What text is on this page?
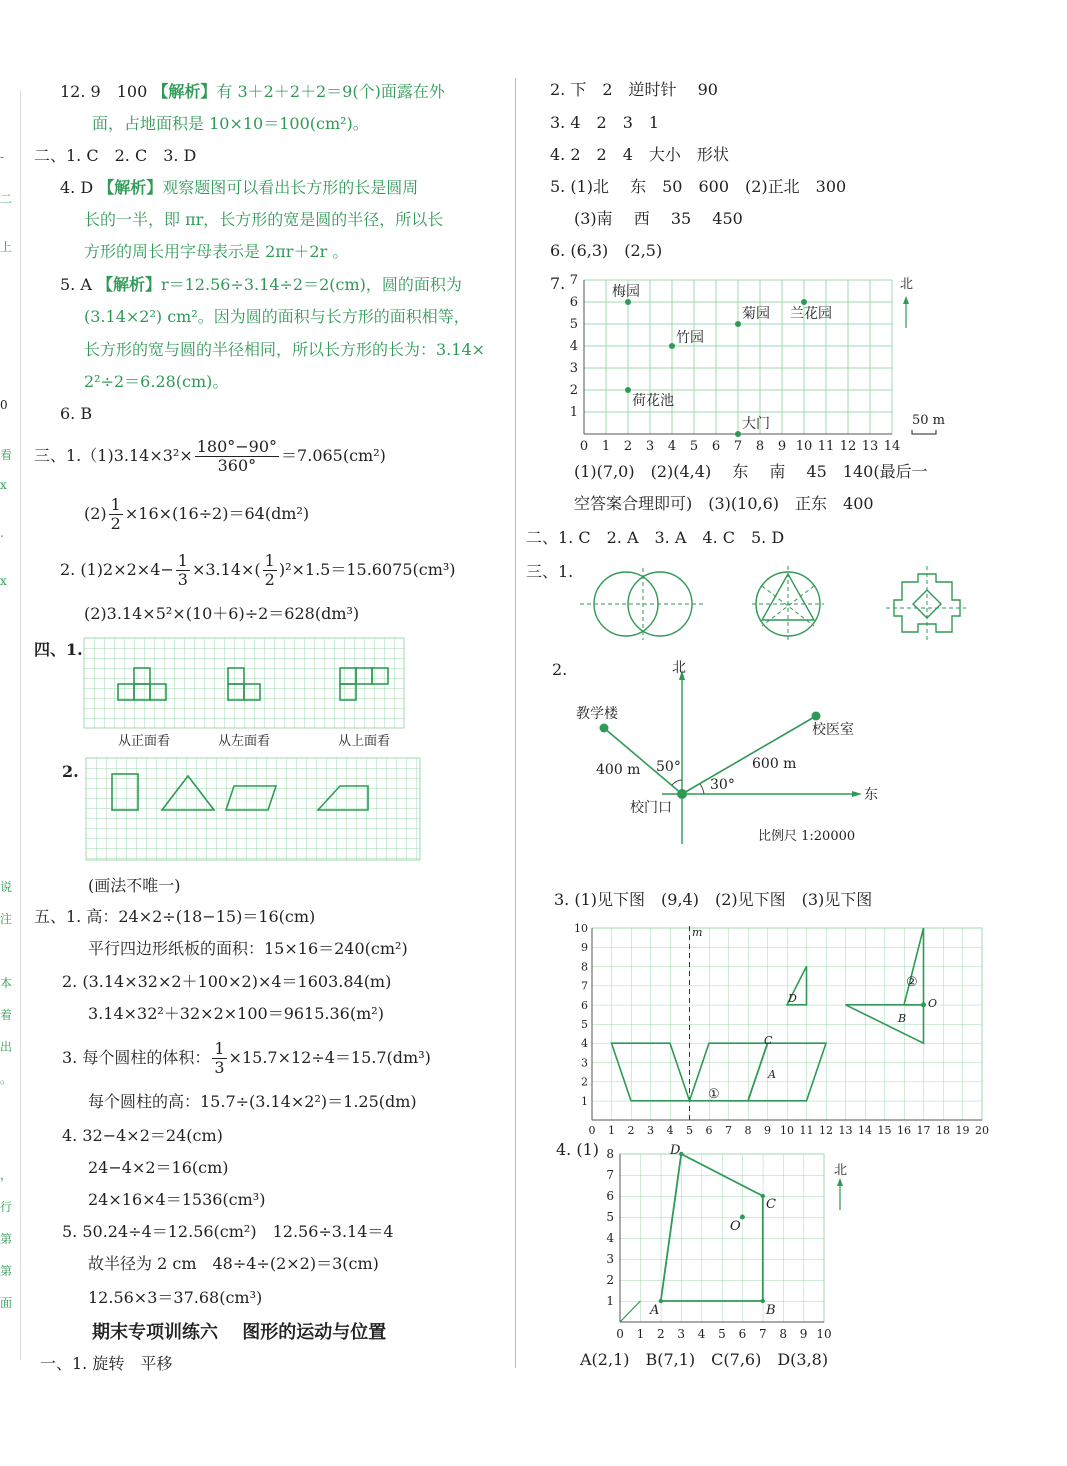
-
二
上
0
看
x
.
x
说
注
本
着
出
。
，
行
第
第
面
12. 9　100 【解析】有 3＋2＋2＋2＝9(个)面露在外
面，占地面积是 10×10＝100(cm²)。
二、1. C　2. C　3. D
4. D 【解析】观察题图可以看出长方形的长是圆周
长的一半，即 πr，长方形的宽是圆的半径，所以长
方形的周长用字母表示是 2πr＋2r 。
5. A 【解析】r＝12.56÷3.14÷2＝2(cm)，圆的面积为
(3.14×2²) cm²。因为圆的面积与长方形的面积相等，
长方形的宽与圆的半径相同，所以长方形的长为：3.14×
2²÷2＝6.28(cm)。
6. B
三、$1.(1)3.14\times 3^2\times \frac{180^\circ-90^\circ}{360^\circ} =7.065(cm^2)$
$(2) \frac{1}{2} \times 16\times(16\div 2)=64(dm^2)$
2. $(1)2\times 2\times 4- \frac{1}{3} \times 3.14\times( \frac{1}{2} )^2\times 1.5=15.6075(cm^3)$
(2)3.14×5²×(10＋6)÷2＝628(dm³)
四、1.
从正面看	从左面看	从上面看
2.
(画法不唯一)
五、1. 高：24×2÷(18−15)＝16(cm)
平行四边形纸板的面积：15×16＝240(cm²)
2. (3.14×32×2＋100×2)×4＝1603.84(m)
3.14×32²＋32×2×100＝9615.36(m²)
3. 每个圆柱的体积： $\frac{1}{3} \times 15.7\times 12\div 4=15.7(dm^3)$
每个圆柱的高：15.7÷(3.14×2²)＝1.25(dm)
4. 32−4×2＝24(cm)
24−4×2＝16(cm)
24×16×4＝1536(cm³)
5. 50.24÷4＝12.56(cm²)　12.56÷3.14＝4
故半径为 2 cm　48÷4÷(2×2)＝3(cm)
12.56×3＝37.68(cm³)
期末专项训练六　 图形的运动与位置
一、1. 旋转　平移
2. 下　2　逆时针　 90
3. 4　2　3　1
4. 2　2　4　大小　形状
5. (1)北　 东　50　600　(2)正北　300
(3)南　 西　 35　 450
6. (6,3)　(2,5)
7.	梅园
菊园 兰花园
竹园
荷花池
大门
0 1 2 3 4 5 6 7 8 9 10 11 12 13 14
1
2
3
4
5
6
7	北
50 m
(1)(7,0)　(2)(4,4)　 东　 南　 45　140(最后一
空答案合理即可)　(3)(10,6)　正东　400
二、1. C　2. A　3. A　4. C　5. D
三、1.
2.	北
东
教学楼
校医室
校门口
400 m	600 m
50°
30°
比例尺 1:20000
3. (1)见下图　(9,4)　(2)见下图　(3)见下图
m
C
A
①
D
②
B
O
0 1 2 3 4 5 6 7 8 9 10 11 12 13 14 15 16 17 18 19 20
1
2
3
4
5
6
7
8
9
10
4. (1)	D
C
O
A	B
0 1 2 3 4 5 6 7 8 9 10
1
2
3
4
5
6
7
8
北
A(2,1)　B(7,1)　C(7,6)　D(3,8)
